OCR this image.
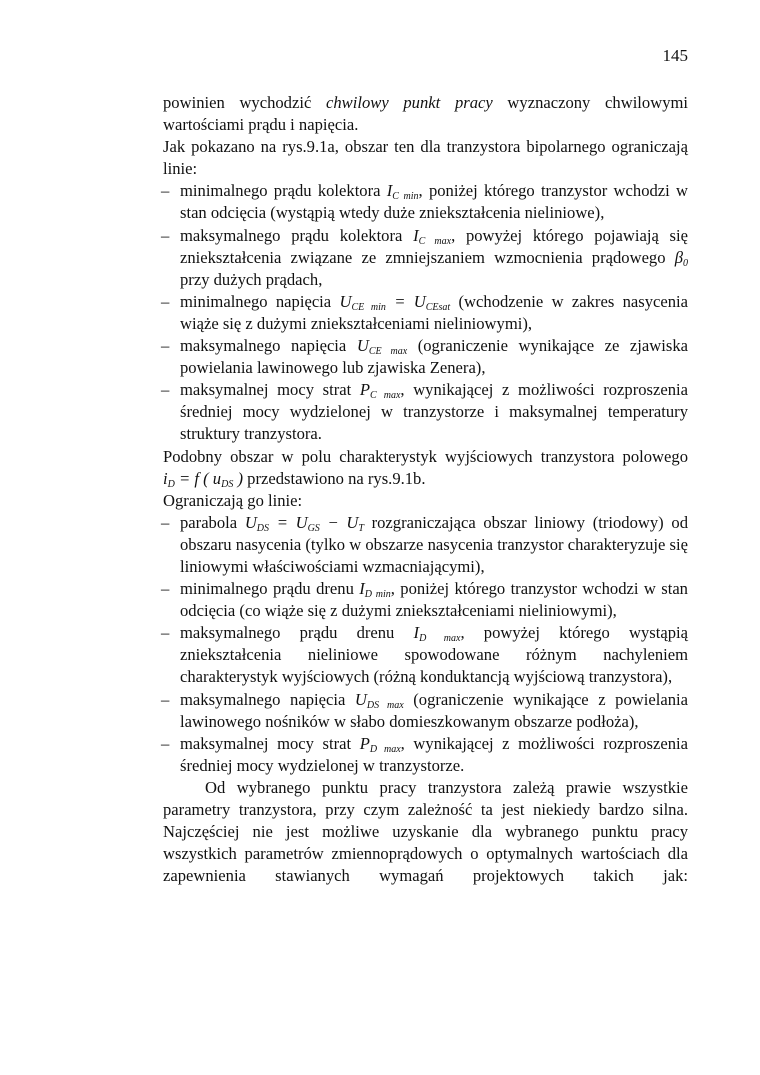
145

powinien wychodzić chwilowy punkt pracy wyznaczony chwilowymi wartościami prądu i napięcia.

Jak pokazano na rys.9.1a, obszar ten dla tranzystora bipolarnego ograniczają linie:

– minimalnego prądu kolektora $I_{C min}$, poniżej którego tranzystor wchodzi w stan odcięcia (wystąpią wtedy duże zniekształcenia nieliniowe),
– maksymalnego prądu kolektora $I_{C max}$, powyżej którego pojawiają się zniekształcenia związane ze zmniejszaniem wzmocnienia prądowego $\beta_0$ przy dużych prądach,
– minimalnego napięcia $U_{CE min} = U_{CEsat}$ (wchodzenie w zakres nasycenia wiąże się z dużymi zniekształceniami nieliniowymi),
– maksymalnego napięcia $U_{CE max}$ (ograniczenie wynikające ze zjawiska powielania lawinowego lub zjawiska Zenera),
– maksymalnej mocy strat $P_{C max}$, wynikającej z możliwości rozproszenia średniej mocy wydzielonej w tranzystorze i maksymalnej temperatury struktury tranzystora.

Podobny obszar w polu charakterystyk wyjściowych tranzystora polowego $i_D = f$ ( $u_{DS}$ ) przedstawiono na rys.9.1b.

Ograniczają go linie:

– parabola $U_{DS} = U_{GS} - U_T$ rozgraniczająca obszar liniowy (triodowy) od obszaru nasycenia (tylko w obszarze nasycenia tranzystor charakteryzuje się liniowymi właściwościami wzmacniającymi),
– minimalnego prądu drenu $I_{D min}$, poniżej którego tranzystor wchodzi w stan odcięcia (co wiąże się z dużymi zniekształceniami nieliniowymi),
– maksymalnego prądu drenu $I_{D max}$, powyżej którego wystąpią zniekształcenia nieliniowe spowodowane różnym nachyleniem charakterystyk wyjściowych (różną konduktancją wyjściową tranzystora),
– maksymalnego napięcia $U_{DS max}$ (ograniczenie wynikające z powielania lawinowego nośników w słabo domieszkowanym obszarze podłoża),
– maksymalnej mocy strat $P_{D max}$, wynikającej z możliwości rozproszenia średniej mocy wydzielonej w tranzystorze.

Od wybranego punktu pracy tranzystora zależą prawie wszystkie parametry tranzystora, przy czym zależność ta jest niekiedy bardzo silna. Najczęściej nie jest możliwe uzyskanie dla wybranego punktu pracy wszystkich parametrów zmiennoprądowych o optymalnych wartościach dla zapewnienia stawianych wymagań projektowych takich jak:
